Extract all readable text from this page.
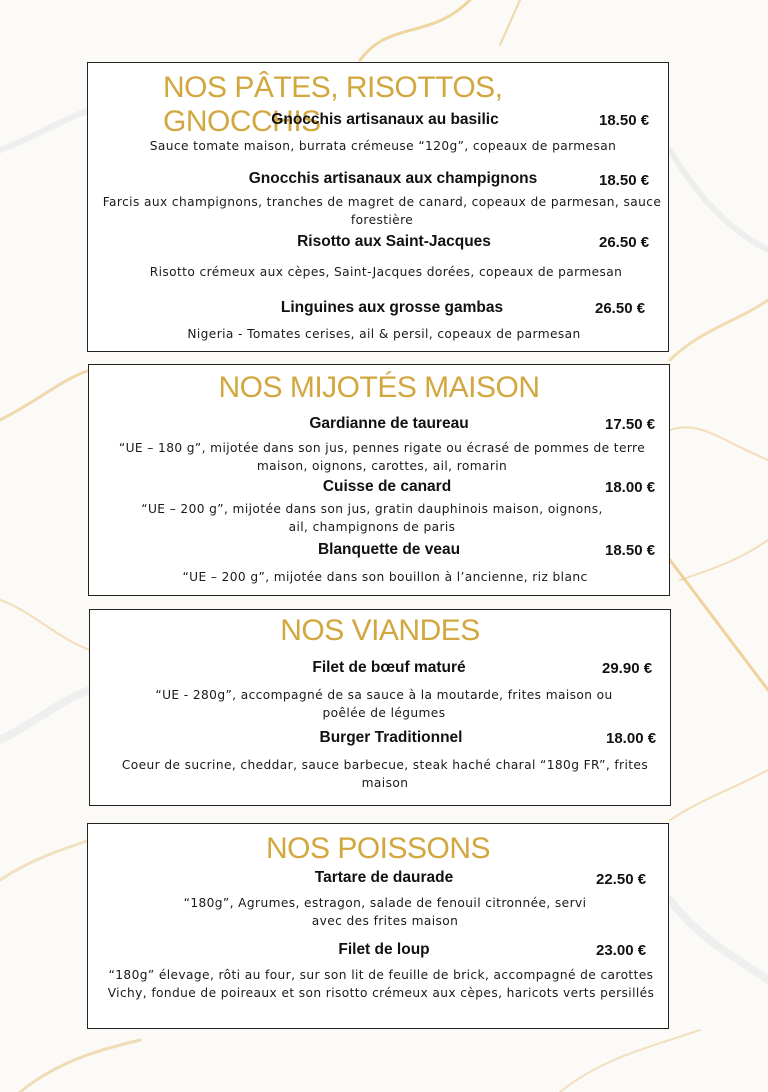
NOS PÂTES, RISOTTOS, GNOCCHIS
Gnocchis artisanaux au basilic	18.50 €
Sauce tomate maison, burrata crémeuse “120g”, copeaux de parmesan
Gnocchis artisanaux aux champignons	18.50 €
Farcis aux champignons, tranches de magret de canard, copeaux de parmesan, sauce forestière
Risotto aux Saint-Jacques	26.50 €
Risotto crémeux aux cèpes, Saint-Jacques dorées, copeaux de parmesan
Linguines aux grosse gambas	26.50 €
Nigeria - Tomates cerises, ail & persil, copeaux de parmesan
NOS MIJOTÉS MAISON
Gardianne de taureau	17.50 €
“UE – 180 g”, mijotée dans son jus, pennes rigate ou écrasé de pommes de terre maison, oignons, carottes, ail, romarin
Cuisse de canard	18.00 €
“UE – 200 g”, mijotée dans son jus, gratin dauphinois maison, oignons, ail, champignons de paris
Blanquette de veau	18.50 €
“UE – 200 g”, mijotée dans son bouillon à l’ancienne, riz blanc
NOS VIANDES
Filet de bœuf maturé	29.90 €
“UE - 280g”, accompagné de sa sauce à la moutarde, frites maison ou poêlée de légumes
Burger Traditionnel	18.00 €
Coeur de sucrine, cheddar, sauce barbecue, steak haché charal “180g FR”, frites maison
NOS POISSONS
Tartare de daurade	22.50 €
“180g”, Agrumes, estragon, salade de fenouil citronnée, servi avec des frites maison
Filet de loup	23.00 €
“180g” élevage, rôti au four, sur son lit de feuille de brick, accompagné de carottes Vichy, fondue de poireaux et son risotto crémeux aux cèpes, haricots verts persillés
